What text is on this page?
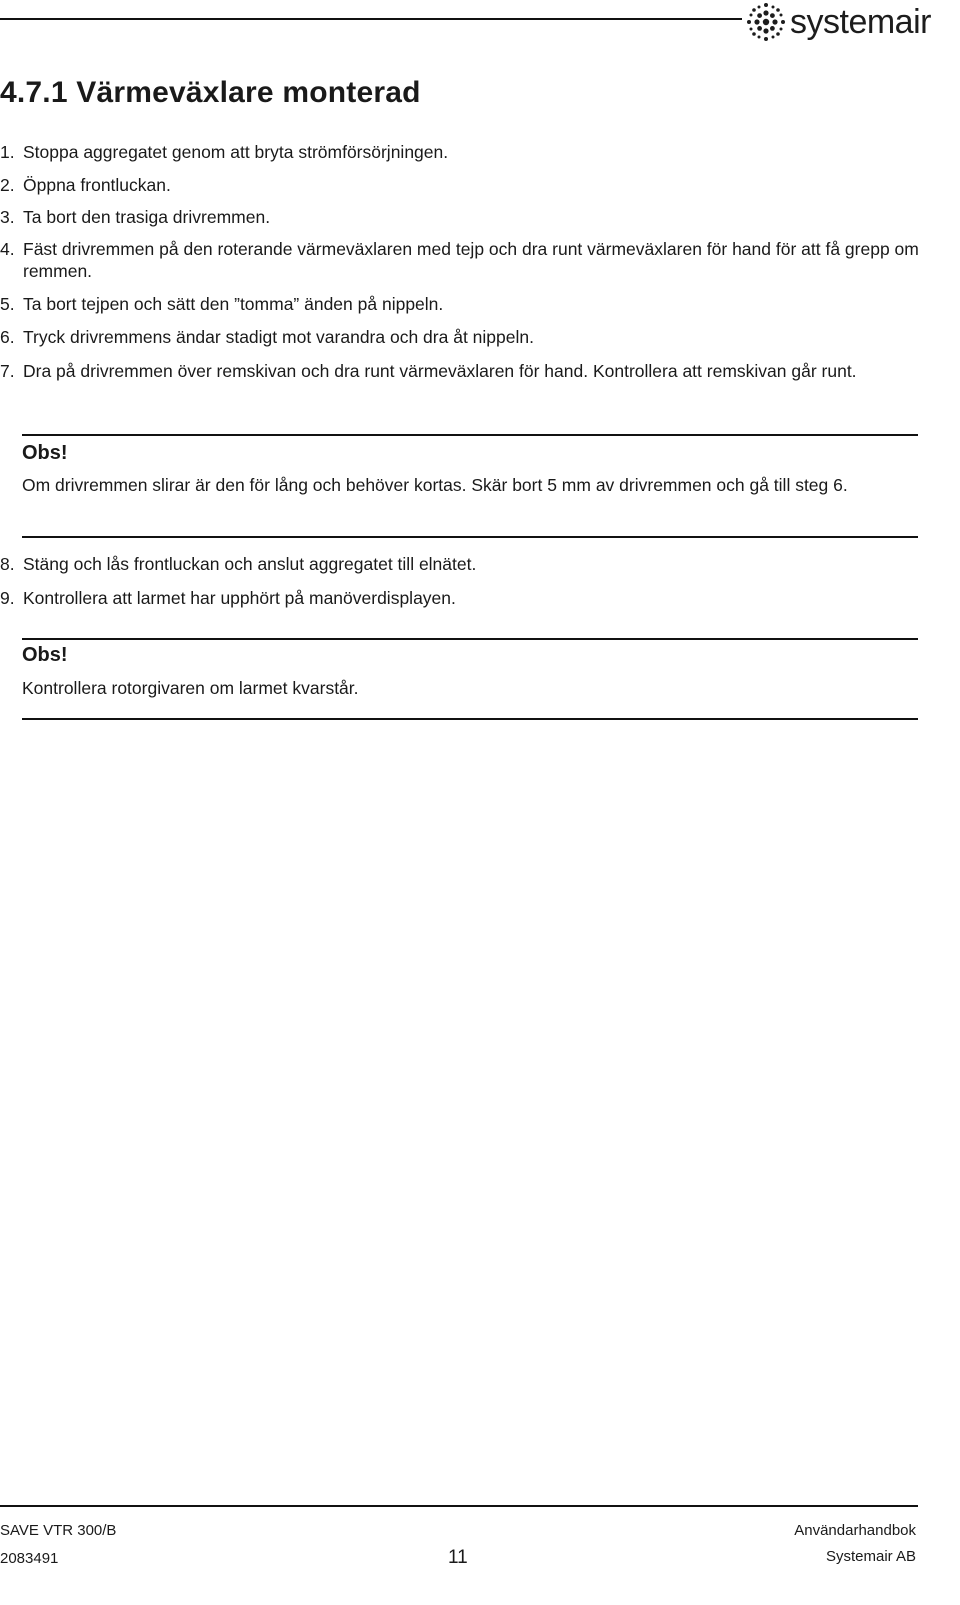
systemair
4.7.1 Värmeväxlare monterad
1. Stoppa aggregatet genom att bryta strömförsörjningen.
2. Öppna frontluckan.
3. Ta bort den trasiga drivremmen.
4. Fäst drivremmen på den roterande värmeväxlaren med tejp och dra runt värmeväxlaren för hand för att få grepp om remmen.
5. Ta bort tejpen och sätt den ”tomma” änden på nippeln.
6. Tryck drivremmens ändar stadigt mot varandra och dra åt nippeln.
7. Dra på drivremmen över remskivan och dra runt värmeväxlaren för hand. Kontrollera att remskivan går runt.
Obs!
Om drivremmen slirar är den för lång och behöver kortas. Skär bort 5 mm av drivremmen och gå till steg 6.
8. Stäng och lås frontluckan och anslut aggregatet till elnätet.
9. Kontrollera att larmet har upphört på manöverdisplayen.
Obs!
Kontrollera rotorgivaren om larmet kvarstår.
SAVE VTR 300/B
2083491	11
Användarhandbok
Systemair AB
